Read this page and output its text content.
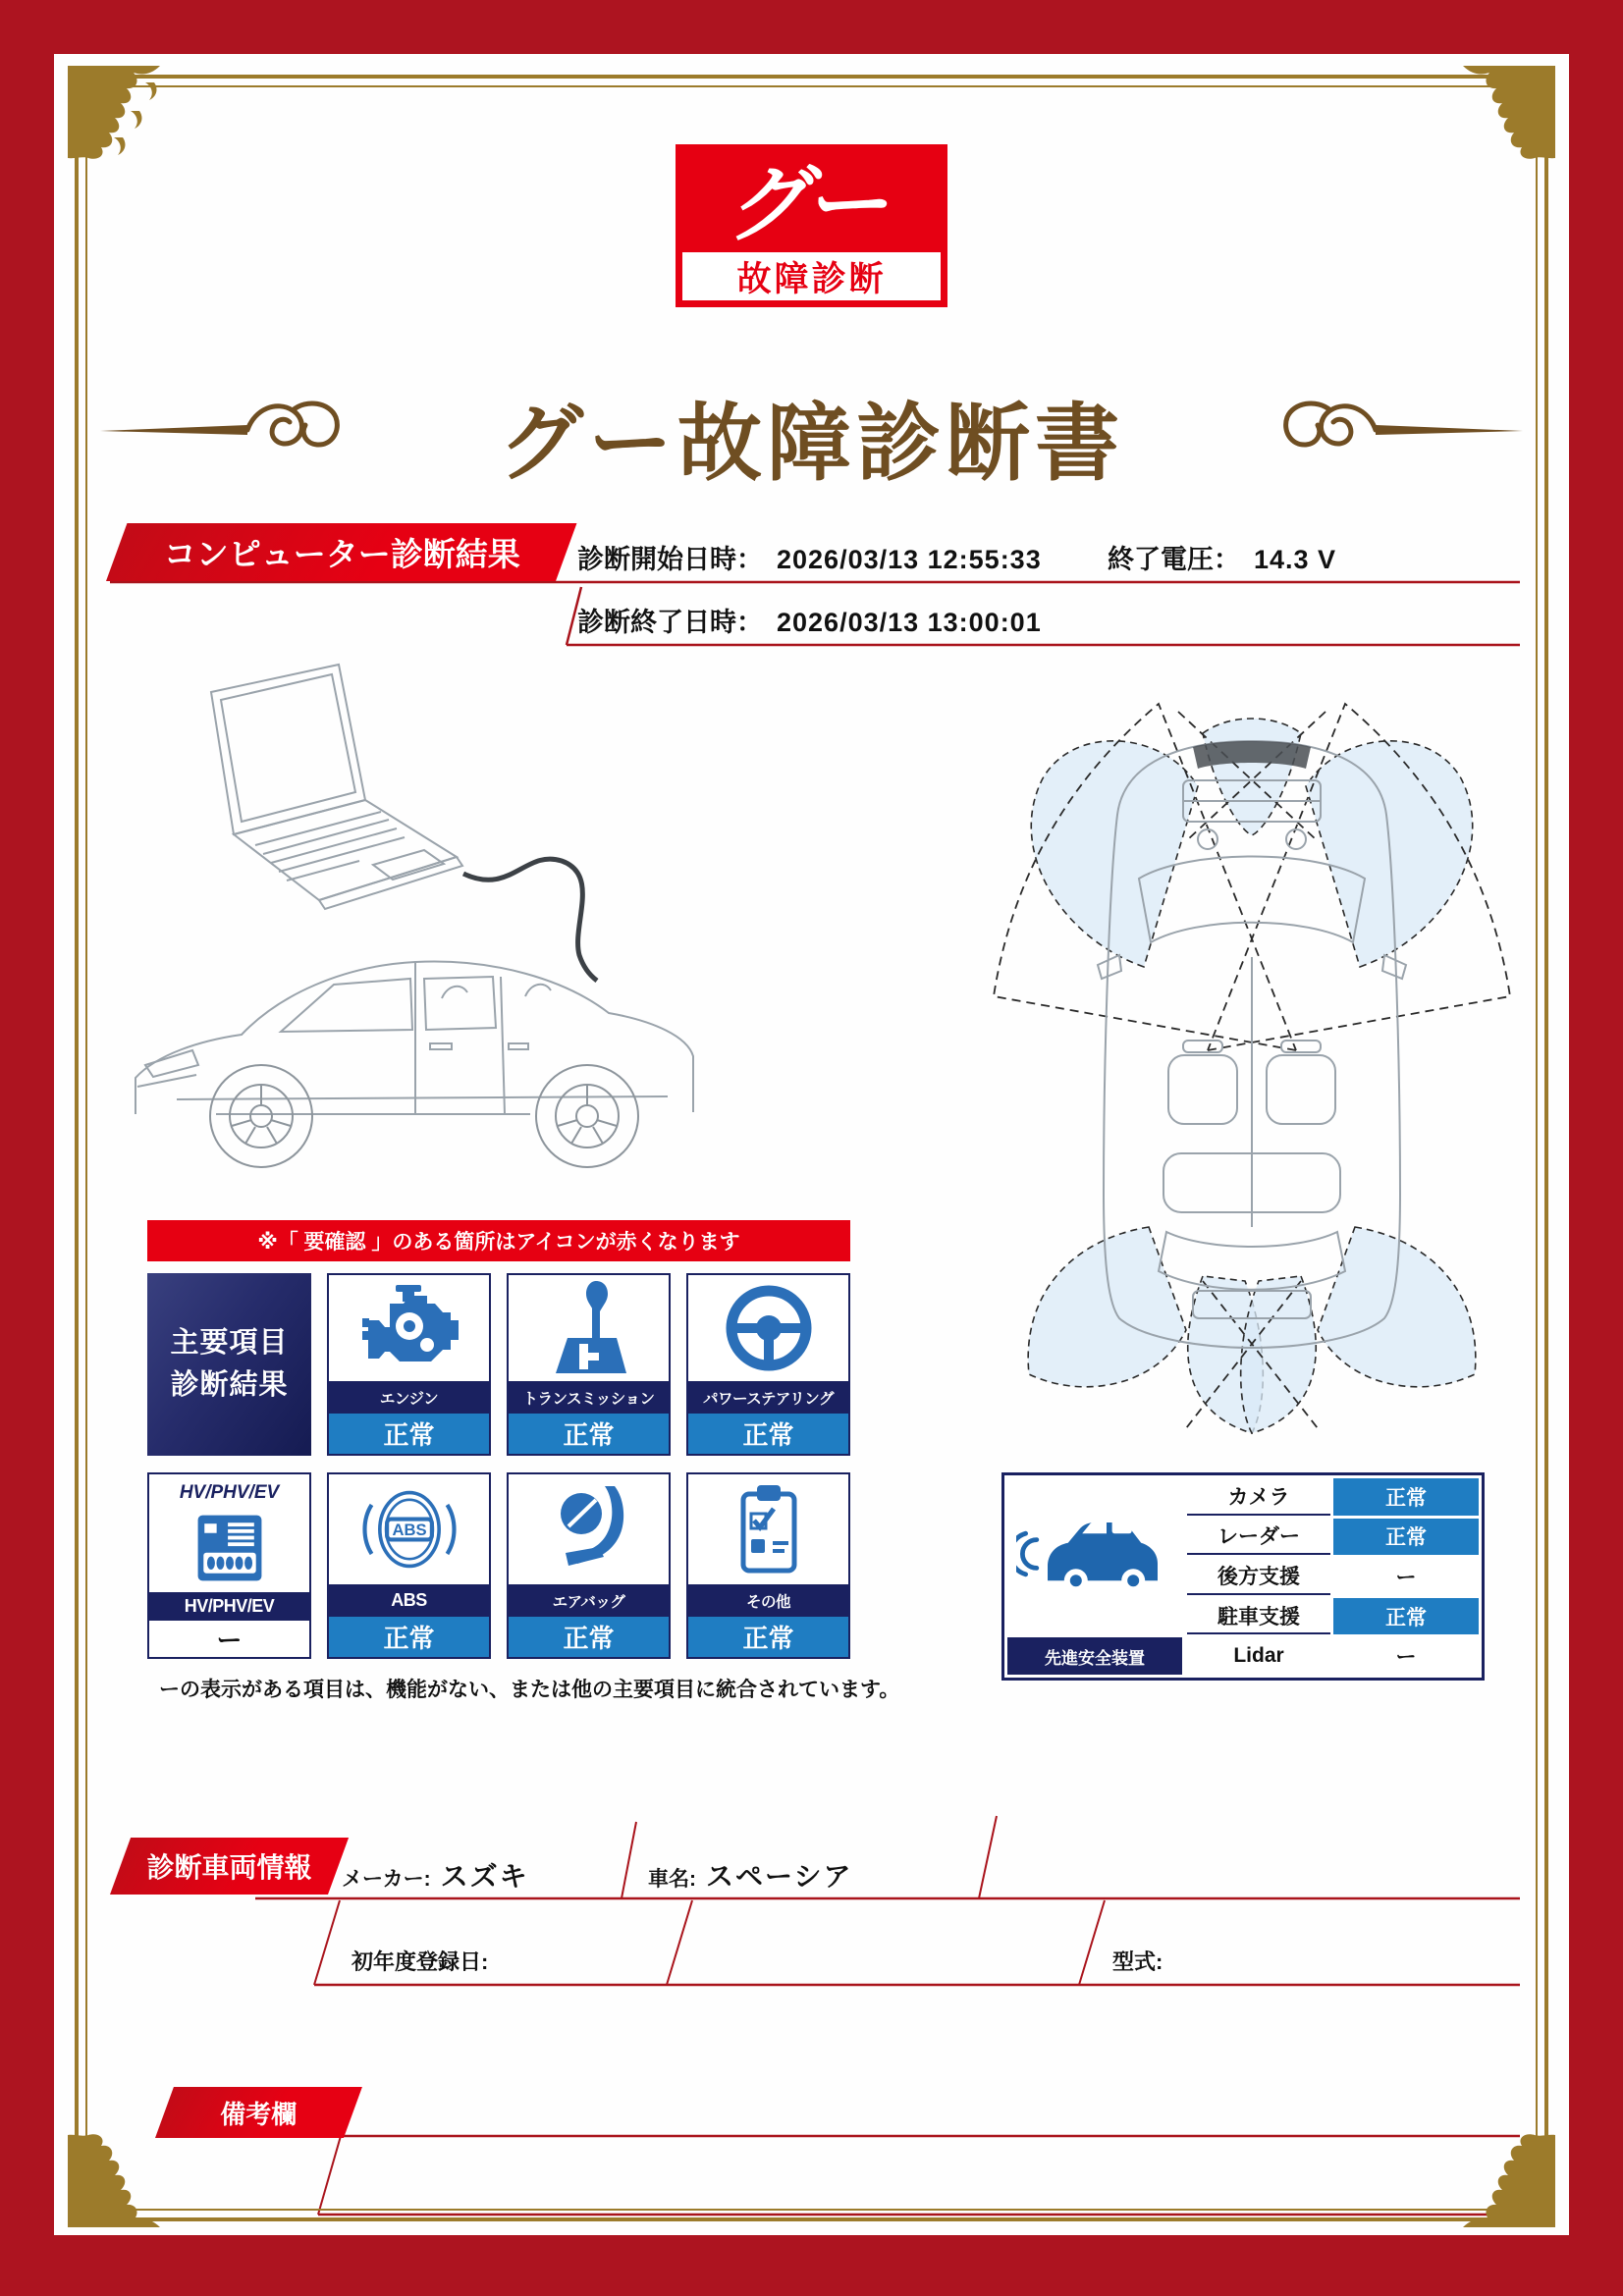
グー
故障診断
グー故障診断書
コンピューター診断結果 診断開始日時： 2026/03/13 12:55:33 終了電圧： 14.3 V
診断終了日時： 2026/03/13 13:00:01
※「 要確認 」のある箇所はアイコンが赤くなります
主要項目
診断結果	エンジン
正常
トランスミッション
正常
パワーステアリング
正常
HV/PHV/EV
HV/PHV/EV
ー
ABS
ABS
正常
エアバッグ
正常
その他
正常
ーの表示がある項目は、機能がない、または他の主要項目に統合されています。
先進安全装置
カメラ	正常
レーダー	正常
後方支援	ー
駐車支援	正常
Lidar	ー
診断車両情報 メーカー: スズキ	車名: スペーシア
初年度登録日:	型式:
備考欄
